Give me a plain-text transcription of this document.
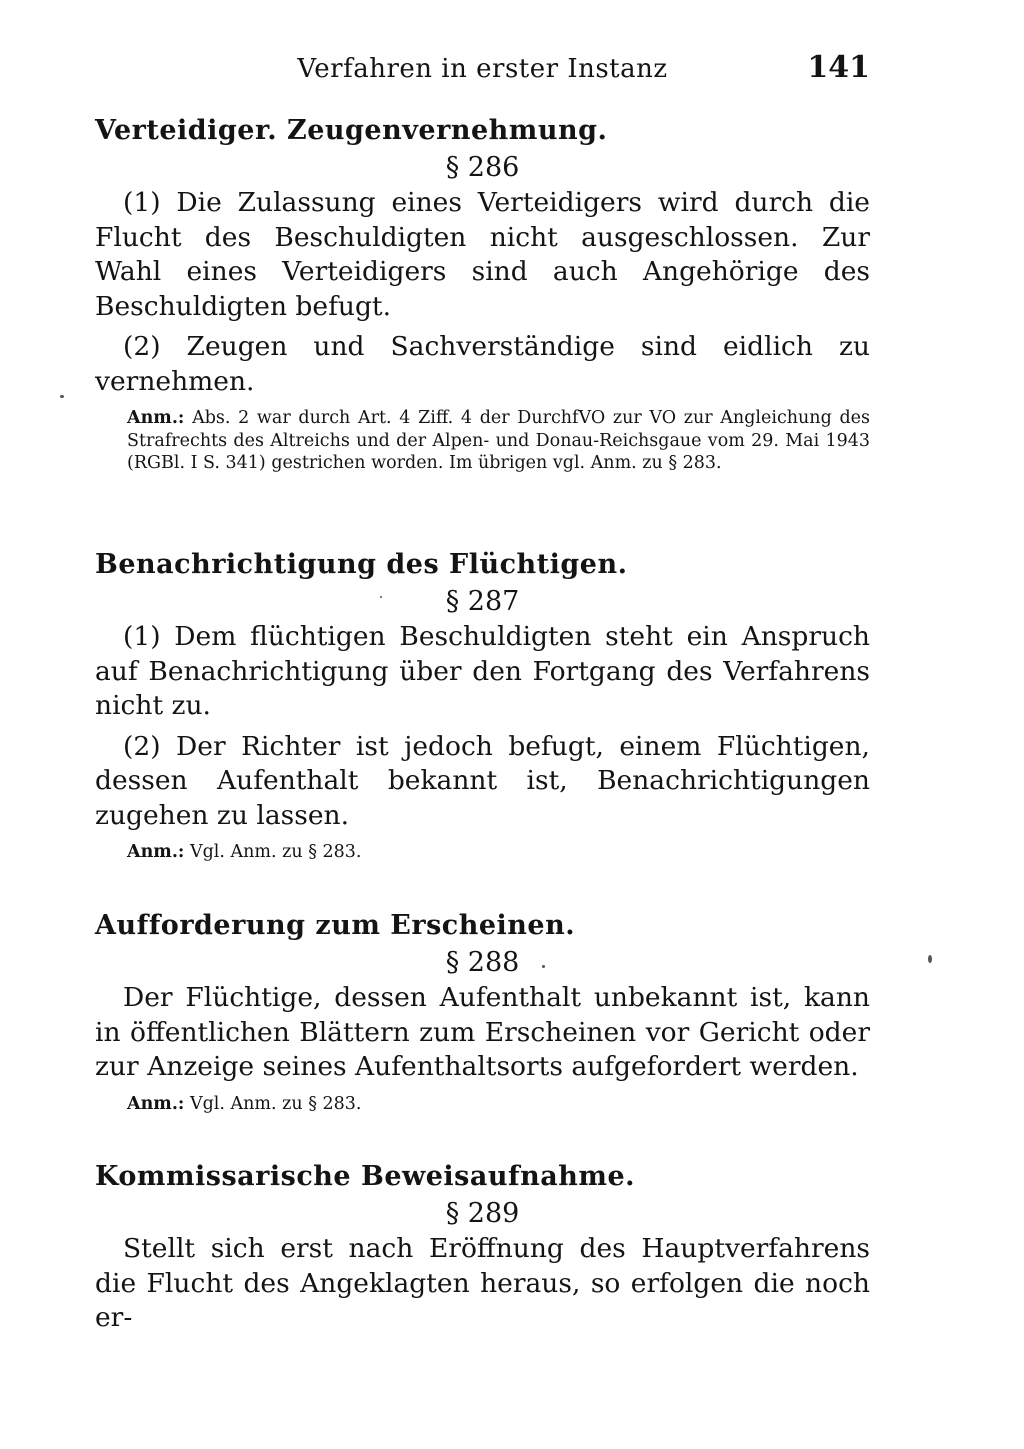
Verfahren in erster Instanz	141
Verteidiger. Zeugenvernehmung.
§ 286

(1) Die Zulassung eines Verteidigers wird durch die Flucht des Beschuldigten nicht ausgeschlossen. Zur Wahl eines Verteidigers sind auch Angehörige des Beschuldigten befugt.

(2) Zeugen und Sachverständige sind eidlich zu vernehmen.

Anm.: Abs. 2 war durch Art. 4 Ziff. 4 der DurchfVO zur VO zur Angleichung des Strafrechts des Altreichs und der Alpen- und Donau-Reichsgaue vom 29. Mai 1943 (RGBl. I S. 341) gestrichen worden. Im übrigen vgl. Anm. zu § 283.
Benachrichtigung des Flüchtigen.
§ 287

(1) Dem flüchtigen Beschuldigten steht ein Anspruch auf Benachrichtigung über den Fortgang des Verfahrens nicht zu.

(2) Der Richter ist jedoch befugt, einem Flüchtigen, dessen Aufenthalt bekannt ist, Benachrichtigungen zugehen zu lassen.

Anm.: Vgl. Anm. zu § 283.
Aufforderung zum Erscheinen.
§ 288

Der Flüchtige, dessen Aufenthalt unbekannt ist, kann in öffentlichen Blättern zum Erscheinen vor Gericht oder zur Anzeige seines Aufenthaltsorts aufgefordert werden.

Anm.: Vgl. Anm. zu § 283.
Kommissarische Beweisaufnahme.
§ 289

Stellt sich erst nach Eröffnung des Hauptverfahrens die Flucht des Angeklagten heraus, so erfolgen die noch er-
